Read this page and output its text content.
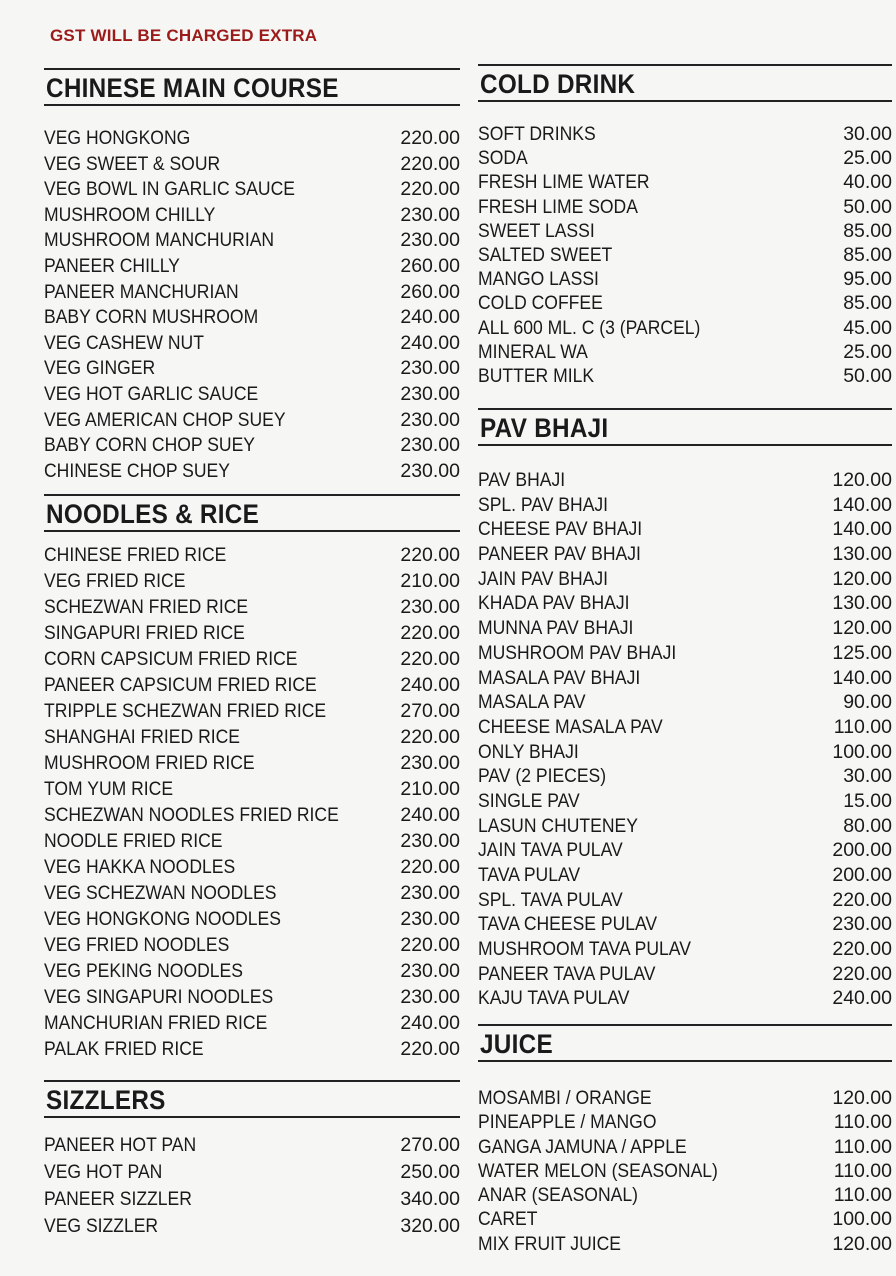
GST WILL BE CHARGED EXTRA
CHINESE MAIN COURSE
VEG HONGKONG	220.00
VEG SWEET & SOUR	220.00
VEG BOWL IN GARLIC SAUCE	220.00
MUSHROOM CHILLY	230.00
MUSHROOM MANCHURIAN	230.00
PANEER CHILLY	260.00
PANEER MANCHURIAN	260.00
BABY CORN MUSHROOM	240.00
VEG CASHEW NUT	240.00
VEG GINGER	230.00
VEG HOT GARLIC SAUCE	230.00
VEG AMERICAN CHOP SUEY	230.00
BABY CORN CHOP SUEY	230.00
CHINESE CHOP SUEY	230.00
NOODLES & RICE
CHINESE FRIED RICE	220.00
VEG FRIED RICE	210.00
SCHEZWAN FRIED RICE	230.00
SINGAPURI FRIED RICE	220.00
CORN CAPSICUM FRIED RICE	220.00
PANEER CAPSICUM FRIED RICE	240.00
TRIPPLE SCHEZWAN FRIED RICE	270.00
SHANGHAI FRIED RICE	220.00
MUSHROOM FRIED RICE	230.00
TOM YUM RICE	210.00
SCHEZWAN NOODLES FRIED RICE	240.00
NOODLE FRIED RICE	230.00
VEG HAKKA NOODLES	220.00
VEG SCHEZWAN NOODLES	230.00
VEG HONGKONG NOODLES	230.00
VEG FRIED NOODLES	220.00
VEG PEKING NOODLES	230.00
VEG SINGAPURI NOODLES	230.00
MANCHURIAN FRIED RICE	240.00
PALAK FRIED RICE	220.00
SIZZLERS
PANEER HOT PAN	270.00
VEG HOT PAN	250.00
PANEER SIZZLER	340.00
VEG SIZZLER	320.00
COLD DRINK
SOFT DRINKS	30.00
SODA	25.00
FRESH LIME WATER	40.00
FRESH LIME SODA	50.00
SWEET LASSI	85.00
SALTED SWEET	85.00
MANGO LASSI	95.00
COLD COFFEE	85.00
ALL 600 ML. C (3 (PARCEL)	45.00
MINERAL WA	25.00
BUTTER MILK	50.00
PAV BHAJI
PAV BHAJI	120.00
SPL. PAV BHAJI	140.00
CHEESE PAV BHAJI	140.00
PANEER PAV BHAJI	130.00
JAIN PAV BHAJI	120.00
KHADA PAV BHAJI	130.00
MUNNA PAV BHAJI	120.00
MUSHROOM PAV BHAJI	125.00
MASALA PAV BHAJI	140.00
MASALA PAV	90.00
CHEESE MASALA PAV	110.00
ONLY BHAJI	100.00
PAV (2 PIECES)	30.00
SINGLE PAV	15.00
LASUN CHUTENEY	80.00
JAIN TAVA PULAV	200.00
TAVA PULAV	200.00
SPL. TAVA PULAV	220.00
TAVA CHEESE PULAV	230.00
MUSHROOM TAVA PULAV	220.00
PANEER TAVA PULAV	220.00
KAJU TAVA PULAV	240.00
JUICE
MOSAMBI / ORANGE	120.00
PINEAPPLE / MANGO	110.00
GANGA JAMUNA / APPLE	110.00
WATER MELON (SEASONAL)	110.00
ANAR (SEASONAL)	110.00
CARET	100.00
MIX FRUIT JUICE	120.00
